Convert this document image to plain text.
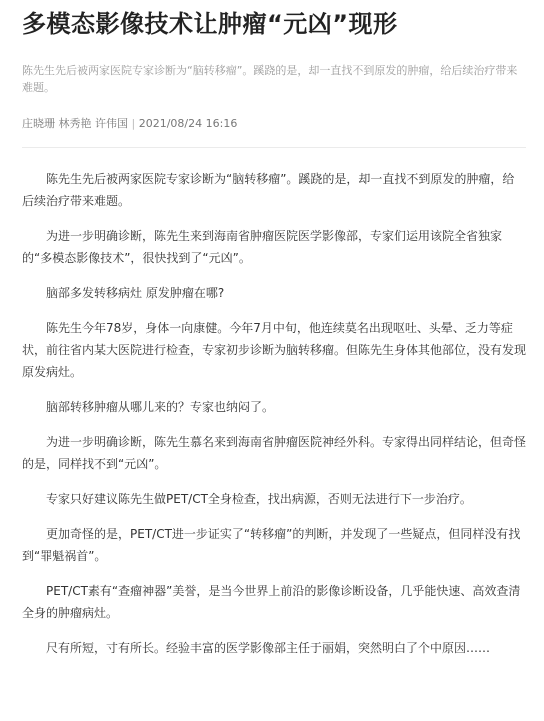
多模态影像技术让肿瘤“元凶”现形
陈先生先后被两家医院专家诊断为“脑转移瘤”。蹊跷的是，却一直找不到原发的肿瘤，给后续治疗带来难题。
庄晓珊 林秀艳 许伟国 | 2021/08/24 16:16

陈先生先后被两家医院专家诊断为“脑转移瘤”。蹊跷的是，却一直找不到原发的肿瘤，给后续治疗带来难题。

为进一步明确诊断，陈先生来到海南省肿瘤医院医学影像部，专家们运用该院全省独家的“多模态影像技术”，很快找到了“元凶”。

脑部多发转移病灶 原发肿瘤在哪?

陈先生今年78岁，身体一向康健。今年7月中旬，他连续莫名出现呕吐、头晕、乏力等症状，前往省内某大医院进行检查，专家初步诊断为脑转移瘤。但陈先生身体其他部位，没有发现原发病灶。

脑部转移肿瘤从哪儿来的？专家也纳闷了。

为进一步明确诊断，陈先生慕名来到海南省肿瘤医院神经外科。专家得出同样结论，但奇怪的是，同样找不到“元凶”。

专家只好建议陈先生做PET/CT全身检查，找出病源，否则无法进行下一步治疗。

更加奇怪的是，PET/CT进一步证实了“转移瘤”的判断，并发现了一些疑点，但同样没有找到“罪魁祸首”。

PET/CT素有“查瘤神器”美誉，是当今世界上前沿的影像诊断设备，几乎能快速、高效查清全身的肿瘤病灶。

尺有所短，寸有所长。经验丰富的医学影像部主任于丽娟，突然明白了个中原因……
